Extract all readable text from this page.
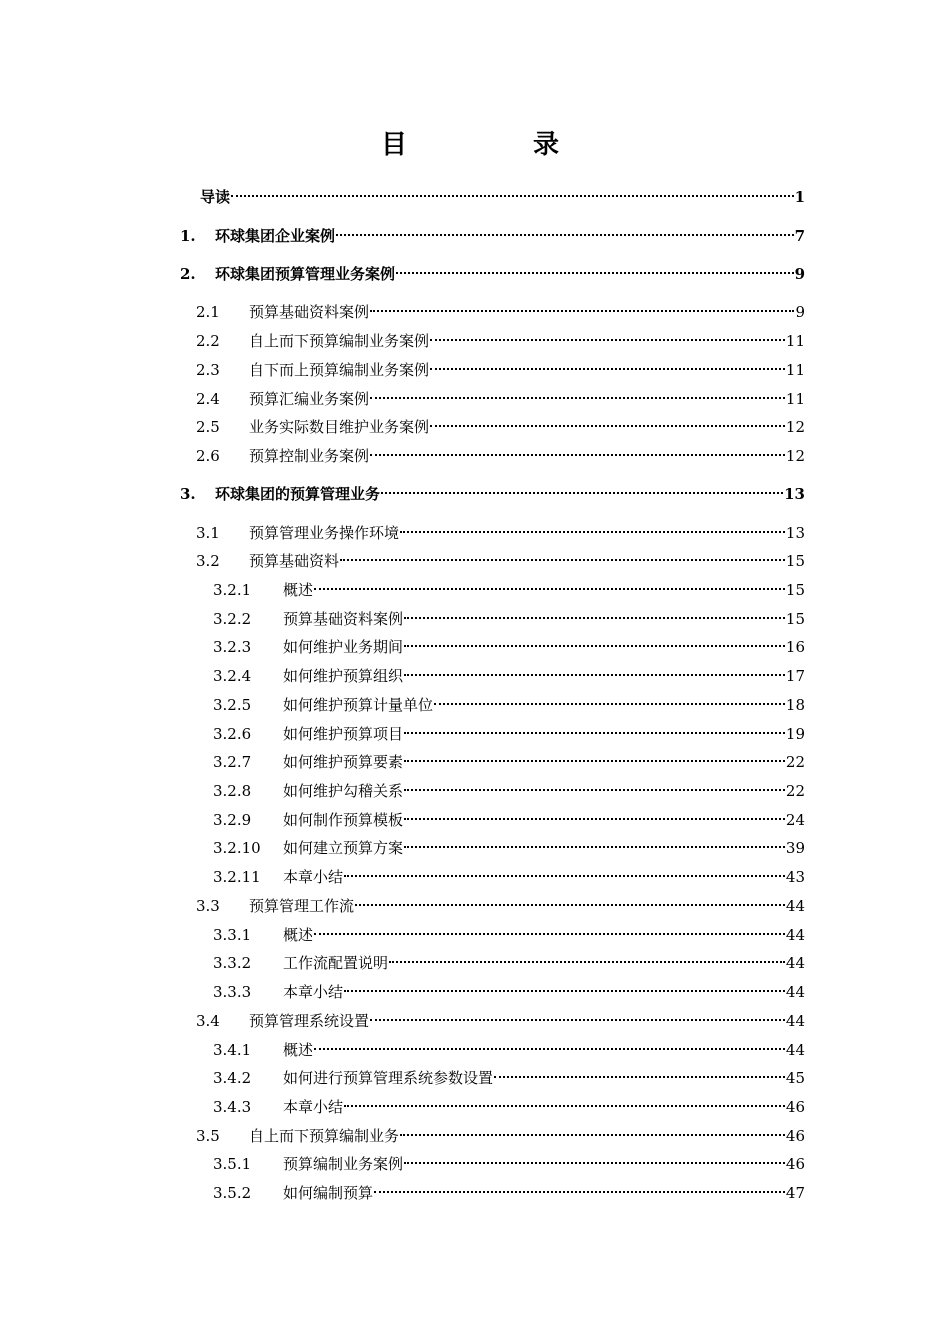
目　录
导读	1
1. 环球集团企业案例	7
2. 环球集团预算管理业务案例	9
2.1 预算基础资料案例	9
2.2 自上而下预算编制业务案例	11
2.3 自下而上预算编制业务案例	11
2.4 预算汇编业务案例	11
2.5 业务实际数目维护业务案例	12
2.6 预算控制业务案例	12
3. 环球集团的预算管理业务	13
3.1 预算管理业务操作环境	13
3.2 预算基础资料	15
3.2.1 概述	15
3.2.2 预算基础资料案例	15
3.2.3 如何维护业务期间	16
3.2.4 如何维护预算组织	17
3.2.5 如何维护预算计量单位	18
3.2.6 如何维护预算项目	19
3.2.7 如何维护预算要素	22
3.2.8 如何维护勾稽关系	22
3.2.9 如何制作预算模板	24
3.2.10 如何建立预算方案	39
3.2.11 本章小结	43
3.3 预算管理工作流	44
3.3.1 概述	44
3.3.2 工作流配置说明	44
3.3.3 本章小结	44
3.4 预算管理系统设置	44
3.4.1 概述	44
3.4.2 如何进行预算管理系统参数设置	45
3.4.3 本章小结	46
3.5 自上而下预算编制业务	46
3.5.1 预算编制业务案例	46
3.5.2 如何编制预算	47
